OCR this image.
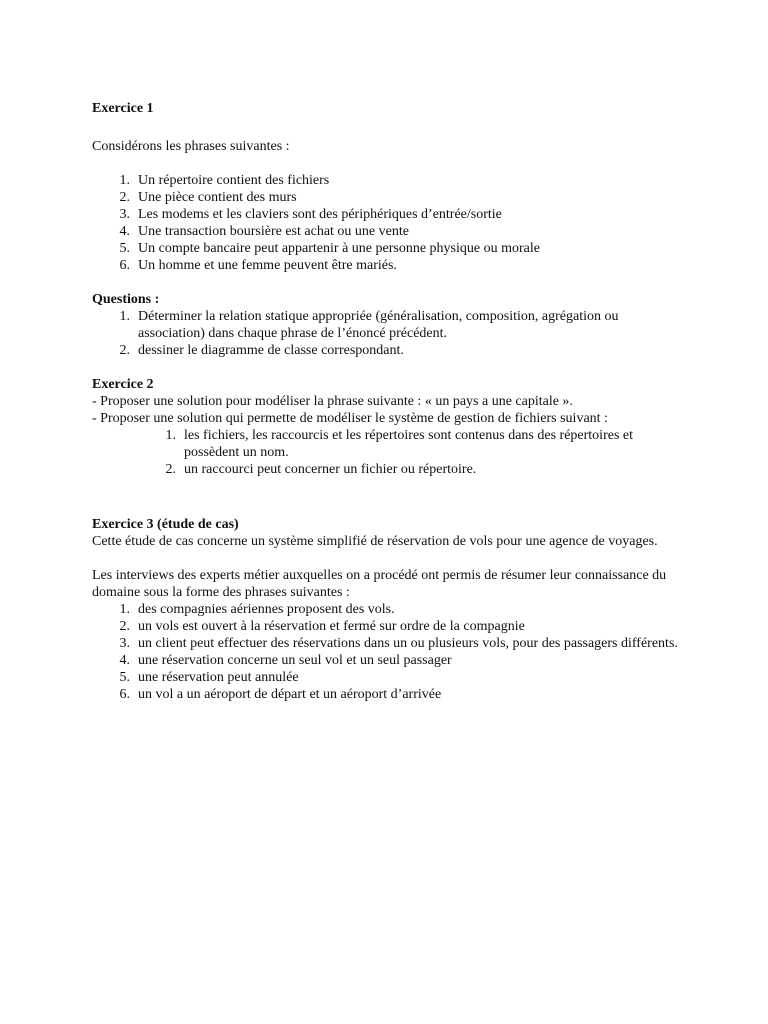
Exercice 1

Considérons les phrases suivantes :

1. Un répertoire contient des fichiers
2. Une pièce contient des murs
3. Les modems et les claviers sont des périphériques d’entrée/sortie
4. Une transaction boursière est achat ou une vente
5. Un compte bancaire peut appartenir à une personne physique ou morale
6. Un homme et une femme peuvent être mariés.

Questions :

1. Déterminer la relation statique appropriée (généralisation, composition, agrégation ou association) dans chaque phrase de l’énoncé précédent.
2. dessiner le diagramme de classe correspondant.

Exercice 2

- Proposer une solution pour modéliser la phrase suivante : « un pays a une capitale ».

- Proposer une solution qui permette de modéliser le système de gestion de fichiers suivant :

1. les fichiers, les raccourcis et les répertoires sont contenus dans des répertoires et possèdent un nom.
2. un raccourci peut concerner un fichier ou répertoire.

Exercice 3 (étude de cas)

Cette étude de cas concerne un système simplifié de réservation de vols pour une agence de voyages.

Les interviews des experts métier auxquelles on a procédé ont permis de résumer leur connaissance du domaine sous la forme des phrases suivantes :

1. des compagnies aériennes proposent des vols.
2. un vols est ouvert à la réservation et fermé sur ordre de la compagnie
3. un client peut effectuer des réservations dans un ou plusieurs vols, pour des passagers différents.
4. une réservation concerne un seul vol et un seul passager
5. une réservation peut annulée
6. un vol a un aéroport de départ et un aéroport d’arrivée
